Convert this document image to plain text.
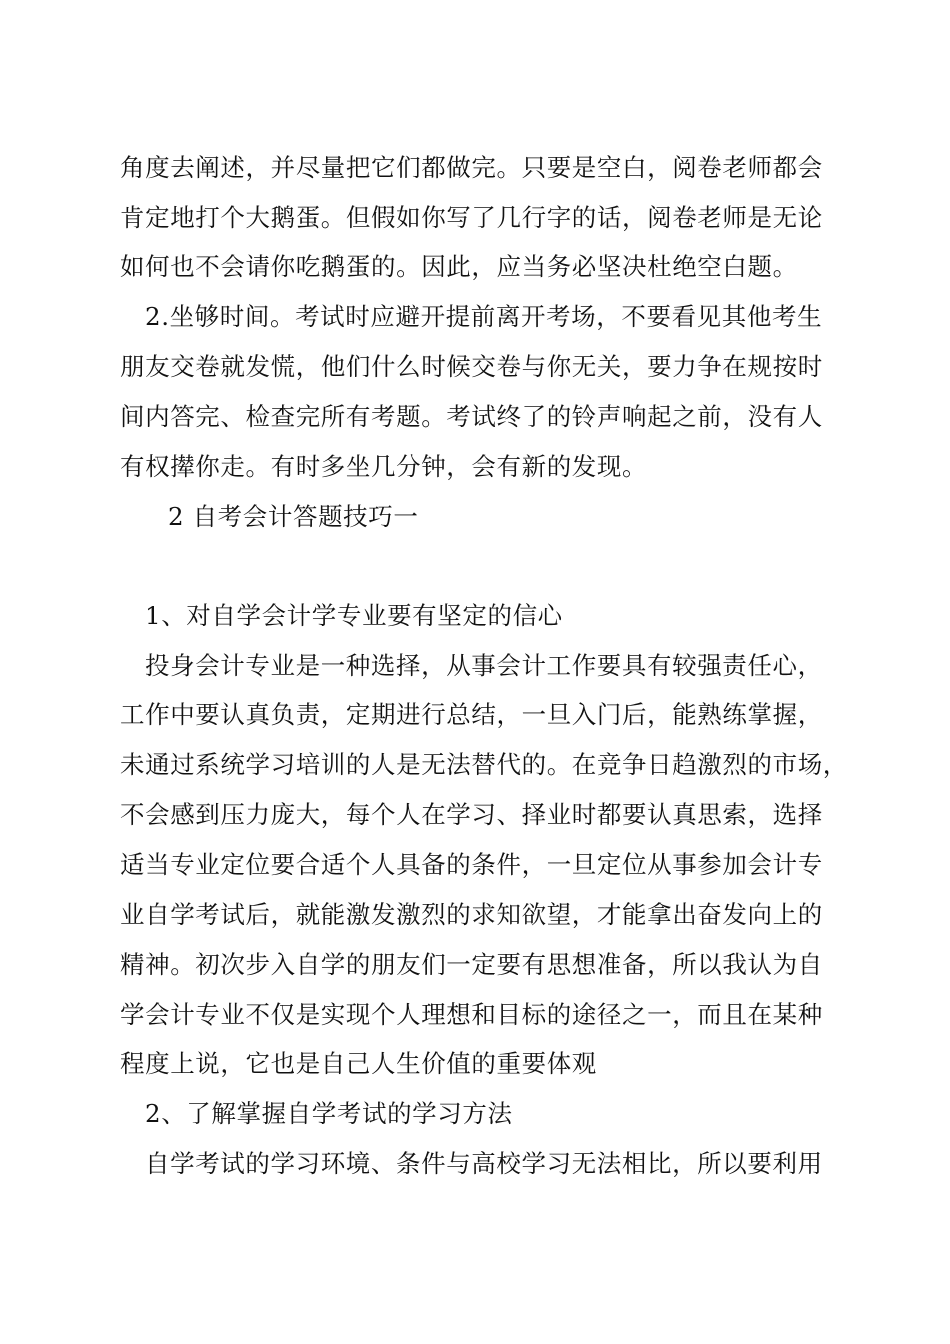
角度去阐述，并尽量把它们都做完。只要是空白，阅卷老师都会
肯定地打个大鹅蛋。但假如你写了几行字的话，阅卷老师是无论
如何也不会请你吃鹅蛋的。因此，应当务必坚决杜绝空白题。
2.坐够时间。考试时应避开提前离开考场，不要看见其他考生
朋友交卷就发慌，他们什么时候交卷与你无关，要力争在规按时
间内答完、检查完所有考题。考试终了的铃声响起之前，没有人
有权撵你走。有时多坐几分钟，会有新的发现。
2 自考会计答题技巧一
1、对自学会计学专业要有坚定的信心
投身会计专业是一种选择，从事会计工作要具有较强责任心，
工作中要认真负责，定期进行总结，一旦入门后，能熟练掌握，
未通过系统学习培训的人是无法替代的。在竞争日趋激烈的市场，
不会感到压力庞大，每个人在学习、择业时都要认真思索，选择
适当专业定位要合适个人具备的条件，一旦定位从事参加会计专
业自学考试后，就能激发激烈的求知欲望，才能拿出奋发向上的
精神。初次步入自学的朋友们一定要有思想准备，所以我认为自
学会计专业不仅是实现个人理想和目标的途径之一，而且在某种
程度上说，它也是自己人生价值的重要体观
2、了解掌握自学考试的学习方法
自学考试的学习环境、条件与高校学习无法相比，所以要利用
